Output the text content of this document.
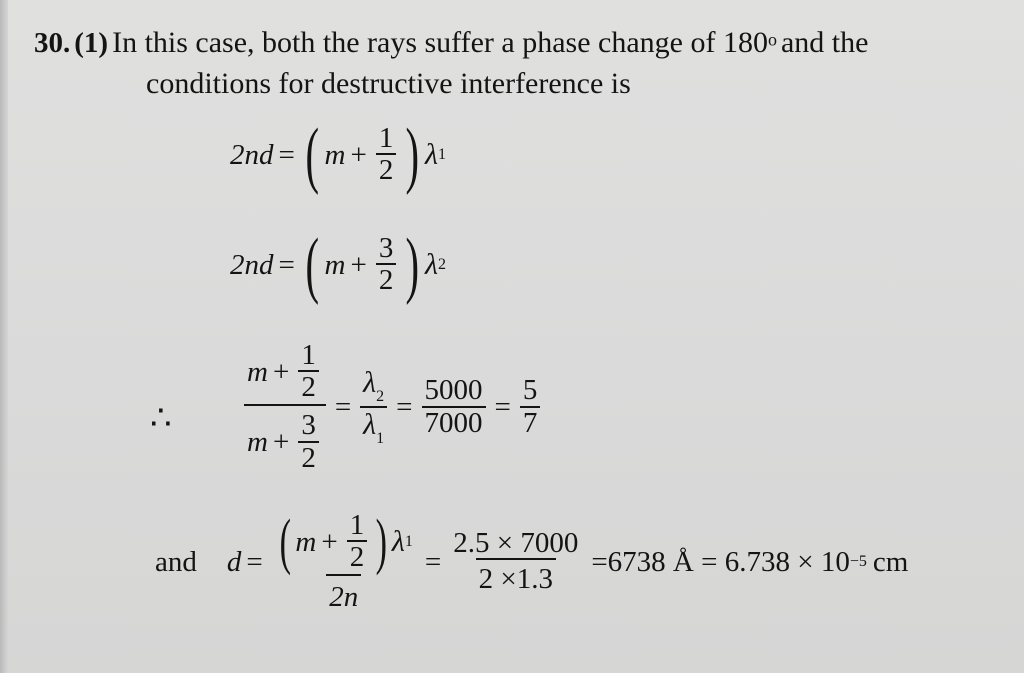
30. (1) In this case, both the rays suffer a phase change of 180o and the
conditions for destructive interference is
2nd = ( $m + \frac{1}{2}$ ) λ 1
2nd = ( $m + \frac{3}{2}$ ) λ 2
∴ $\frac{m + \frac{1}{2}}{m + \frac{3}{2}} = \frac{\lambda_2}{\lambda_1} = \frac{5000}{7000} = \frac{5}{7}$
and d = ( $m + \frac{1}{2}$ ) λ 1
2n
= $\frac{2.5 \times 7000}{2 \times 1.3} =6738$ Å = 6.738 × 10 −5 cm
